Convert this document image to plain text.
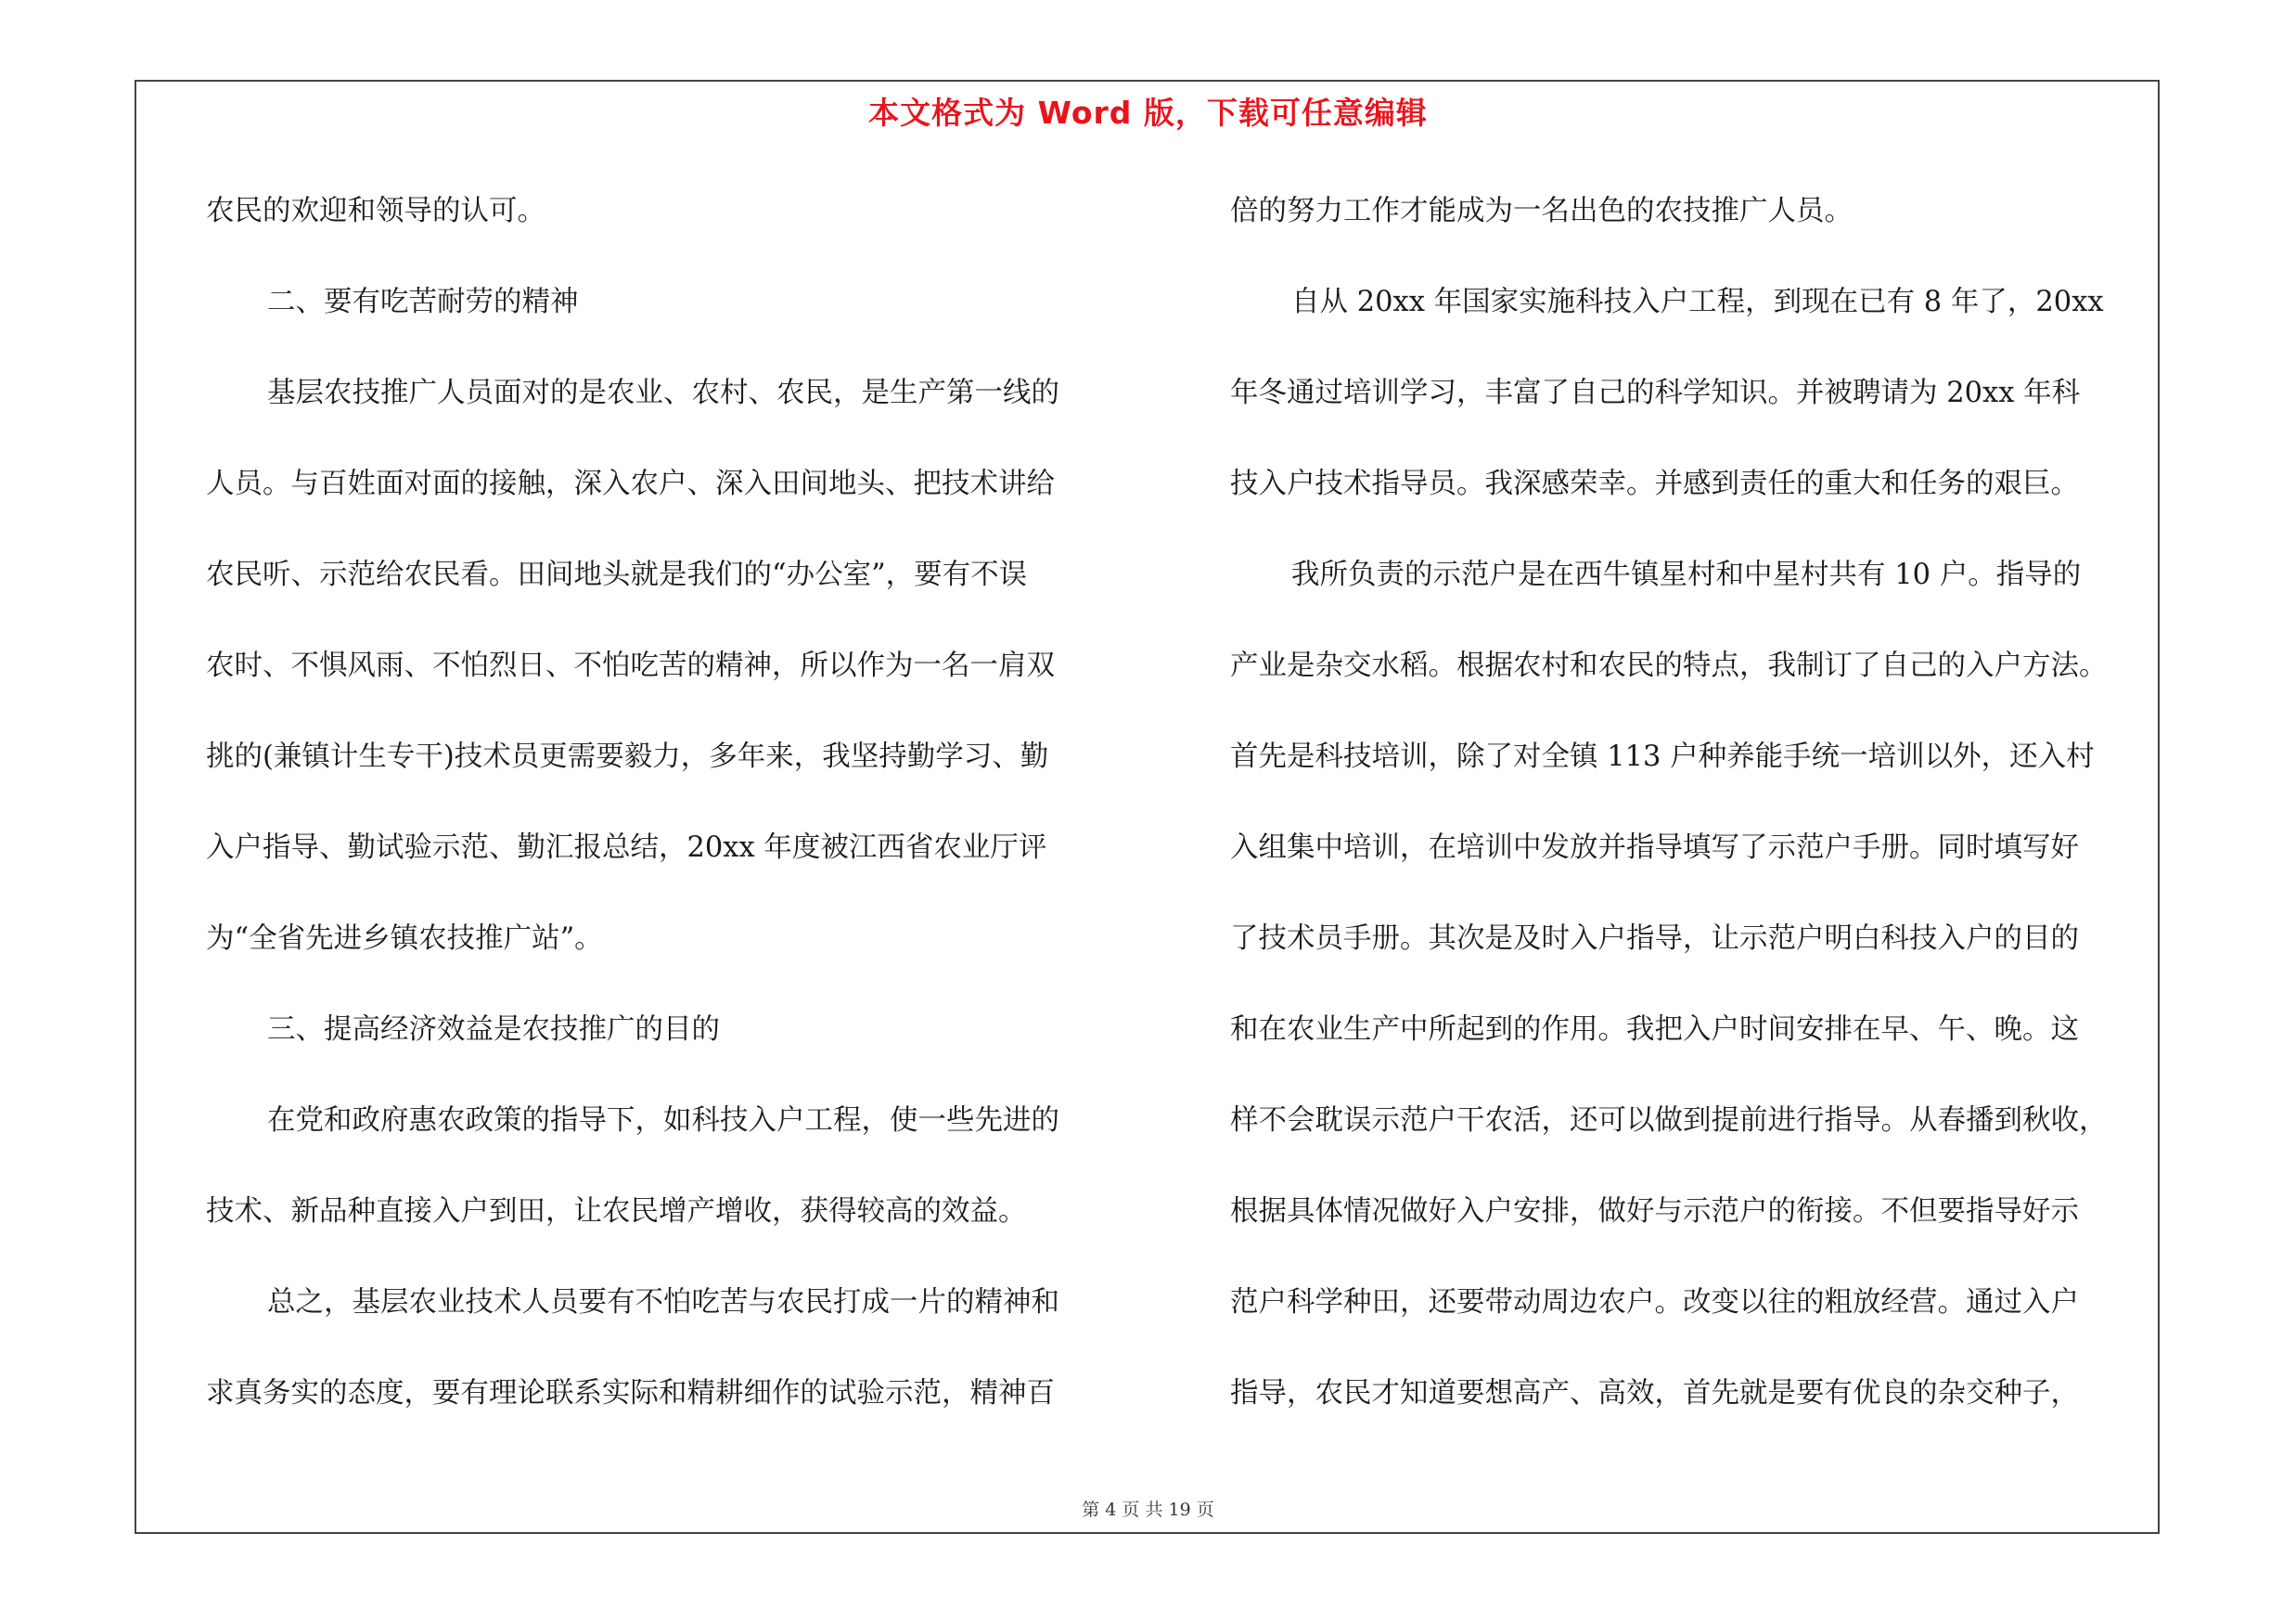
本文格式为 Word 版，下载可任意编辑
农民的欢迎和领导的认可。
二、要有吃苦耐劳的精神
基层农技推广人员面对的是农业、农村、农民，是生产第一线的
人员。与百姓面对面的接触，深入农户、深入田间地头、把技术讲给
农民听、示范给农民看。田间地头就是我们的“办公室”，要有不误
农时、不惧风雨、不怕烈日、不怕吃苦的精神，所以作为一名一肩双
挑的(兼镇计生专干)技术员更需要毅力，多年来，我坚持勤学习、勤
入户指导、勤试验示范、勤汇报总结，20xx 年度被江西省农业厅评
为“全省先进乡镇农技推广站”。
三、提高经济效益是农技推广的目的
在党和政府惠农政策的指导下，如科技入户工程，使一些先进的
技术、新品种直接入户到田，让农民增产增收，获得较高的效益。
总之，基层农业技术人员要有不怕吃苦与农民打成一片的精神和
求真务实的态度，要有理论联系实际和精耕细作的试验示范，精神百
倍的努力工作才能成为一名出色的农技推广人员。
自从 20xx 年国家实施科技入户工程，到现在已有 8 年了，20xx
年冬通过培训学习，丰富了自己的科学知识。并被聘请为 20xx 年科
技入户技术指导员。我深感荣幸。并感到责任的重大和任务的艰巨。
我所负责的示范户是在西牛镇星村和中星村共有 10 户。指导的
产业是杂交水稻。根据农村和农民的特点，我制订了自己的入户方法。
首先是科技培训，除了对全镇 113 户种养能手统一培训以外，还入村
入组集中培训，在培训中发放并指导填写了示范户手册。同时填写好
了技术员手册。其次是及时入户指导，让示范户明白科技入户的目的
和在农业生产中所起到的作用。我把入户时间安排在早、午、晚。这
样不会耽误示范户干农活，还可以做到提前进行指导。从春播到秋收，
根据具体情况做好入户安排，做好与示范户的衔接。不但要指导好示
范户科学种田，还要带动周边农户。改变以往的粗放经营。通过入户
指导，农民才知道要想高产、高效，首先就是要有优良的杂交种子，
第 4 页 共 19 页
